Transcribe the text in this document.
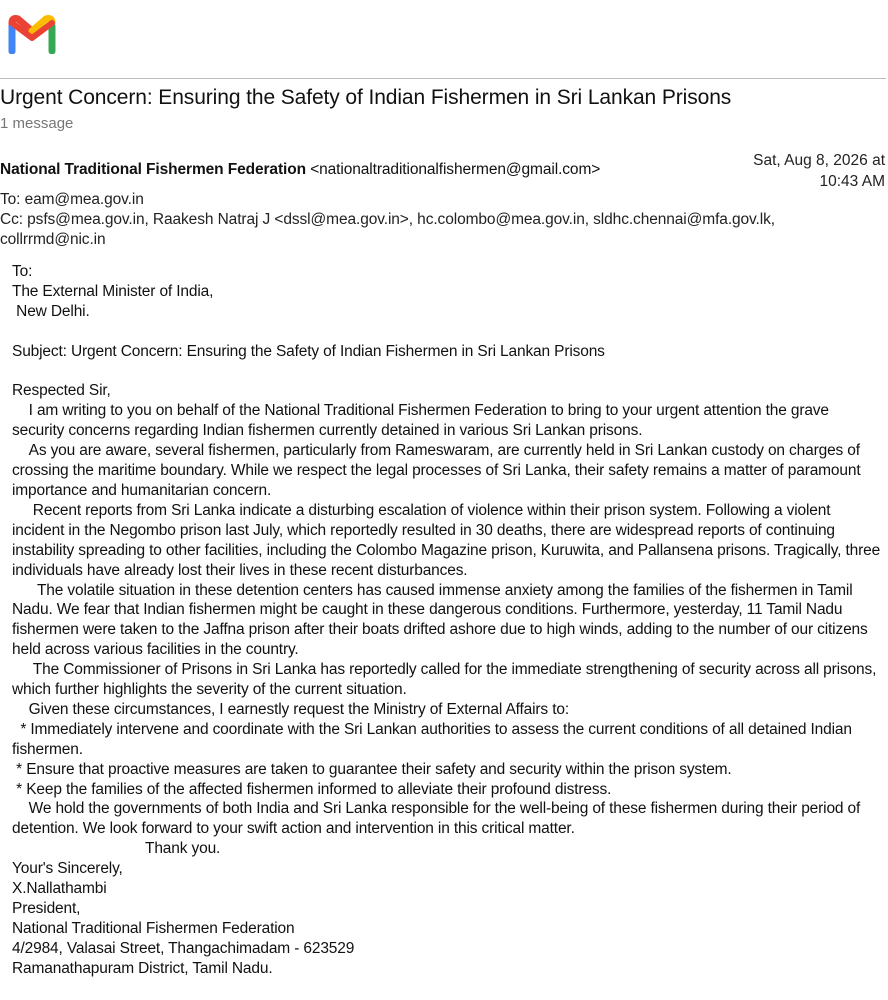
Urgent Concern: Ensuring the Safety of Indian Fishermen in Sri Lankan Prisons
1 message
National Traditional Fishermen Federation <nationaltraditionalfishermen@gmail.com>
Sat, Aug 8, 2026 at
10:43 AM
To: eam@mea.gov.in
Cc: psfs@mea.gov.in, Raakesh Natraj J <dssl@mea.gov.in>, hc.colombo@mea.gov.in, sldhc.chennai@mfa.gov.lk, collrrmd@nic.in

To:

The External Minister of India,

New Delhi.

Subject: Urgent Concern: Ensuring the Safety of Indian Fishermen in Sri Lankan Prisons

Respected Sir,

I am writing to you on behalf of the National Traditional Fishermen Federation to bring to your urgent attention the grave security concerns regarding Indian fishermen currently detained in various Sri Lankan prisons.

As you are aware, several fishermen, particularly from Rameswaram, are currently held in Sri Lankan custody on charges of crossing the maritime boundary. While we respect the legal processes of Sri Lanka, their safety remains a matter of paramount importance and humanitarian concern.

Recent reports from Sri Lanka indicate a disturbing escalation of violence within their prison system. Following a violent incident in the Negombo prison last July, which reportedly resulted in 30 deaths, there are widespread reports of continuing instability spreading to other facilities, including the Colombo Magazine prison, Kuruwita, and Pallansena prisons. Tragically, three individuals have already lost their lives in these recent disturbances.

The volatile situation in these detention centers has caused immense anxiety among the families of the fishermen in Tamil Nadu. We fear that Indian fishermen might be caught in these dangerous conditions. Furthermore, yesterday, 11 Tamil Nadu fishermen were taken to the Jaffna prison after their boats drifted ashore due to high winds, adding to the number of our citizens held across various facilities in the country.

The Commissioner of Prisons in Sri Lanka has reportedly called for the immediate strengthening of security across all prisons, which further highlights the severity of the current situation.

Given these circumstances, I earnestly request the Ministry of External Affairs to:

* Immediately intervene and coordinate with the Sri Lankan authorities to assess the current conditions of all detained Indian fishermen.

* Ensure that proactive measures are taken to guarantee their safety and security within the prison system.

* Keep the families of the affected fishermen informed to alleviate their profound distress.

We hold the governments of both India and Sri Lanka responsible for the well-being of these fishermen during their period of detention. We look forward to your swift action and intervention in this critical matter.

Thank you.

Your's Sincerely,

X.Nallathambi

President,

National Traditional Fishermen Federation

4/2984, Valasai Street, Thangachimadam - 623529

Ramanathapuram District, Tamil Nadu.
